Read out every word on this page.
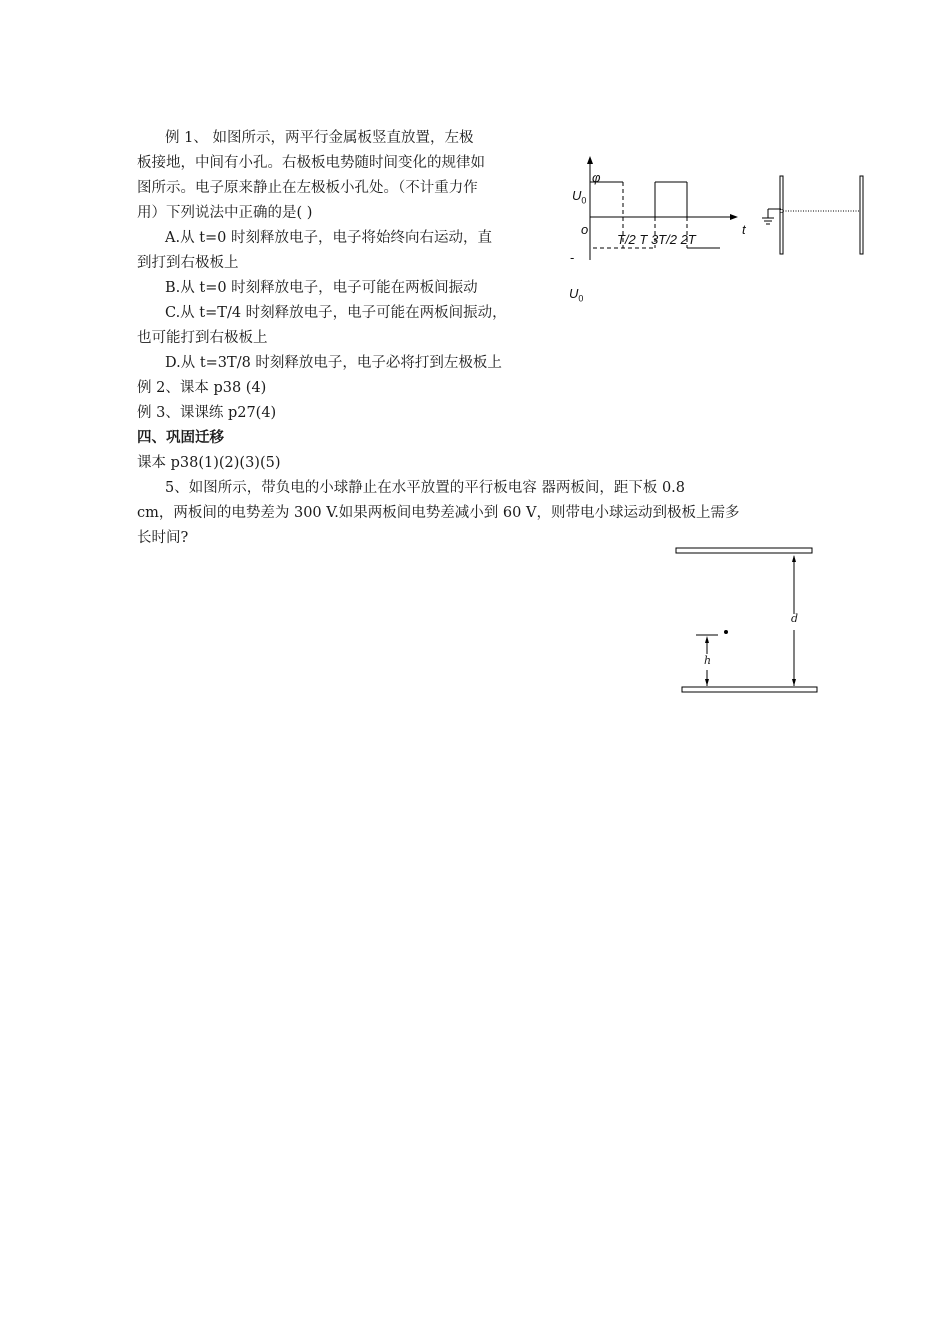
例 1、 如图所示，两平行金属板竖直放置，左极
板接地，中间有小孔。右极板电势随时间变化的规律如
图所示。电子原来静止在左极板小孔处。（不计重力作
用）下列说法中正确的是( )
A.从 t=0 时刻释放电子，电子将始终向右运动，直
到打到右极板上
B.从 t=0 时刻释放电子，电子可能在两板间振动
C.从 t=T/4 时刻释放电子，电子可能在两板间振动，
也可能打到右极板上
D.从 t=3T/8 时刻释放电子，电子必将打到左极板上
例 2、课本 p38 (4)
例 3、课课练 p27(4)
四、巩固迁移
课本 p38(1)(2)(3)(5)
5、如图所示，带负电的小球静止在水平放置的平行板电容 器两板间，距下板 0.8
cm，两板间的电势差为 300 V.如果两板间电势差减小到 60 V，则带电小球运动到极板上需多
长时间?
φ
$U_0$
o	t
T/2 T 3T/2 2T
-
$U_0$
d
h
